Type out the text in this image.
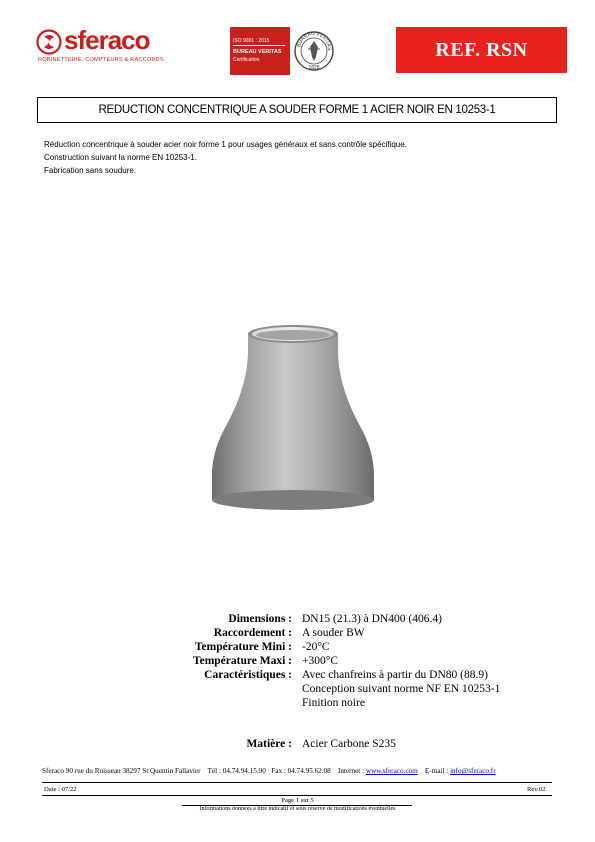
sferaco
ROBINETTERIE, COMPTEURS & RACCORDS
ISO 9001 : 2015
BUREAU VERITAS
Certification
BUREAU VERITAS
1828
REF. RSN
REDUCTION CONCENTRIQUE A SOUDER FORME 1 ACIER NOIR EN 10253-1
Réduction concentrique à souder acier noir forme 1 pour usages généraux et sans contrôle spécifique.
Construction suivant la norme EN 10253-1.
Fabrication sans soudure.
Dimensions : DN15 (21.3) à DN400 (406.4)
Raccordement : A souder BW
Température Mini : -20°C
Température Maxi : +300°C
Caractéristiques : Avec chanfreins à partir du DN80 (88.9)
Conception suivant norme NF EN 10253-1
Finition noire
Matière : Acier Carbone S235
Sferaco 90 rue du Ruisseau 38297 St Quentin Fallavier Tél : 04.74.94.15.90 Fax : 04.74.95.62.08 Internet : www.sferaco.com E-mail : info@sferaco.fr
Date : 07/22	Rev.02
Page 1 sur 5
Informations données à titre indicatif et sous réserve de modifications éventuelles
